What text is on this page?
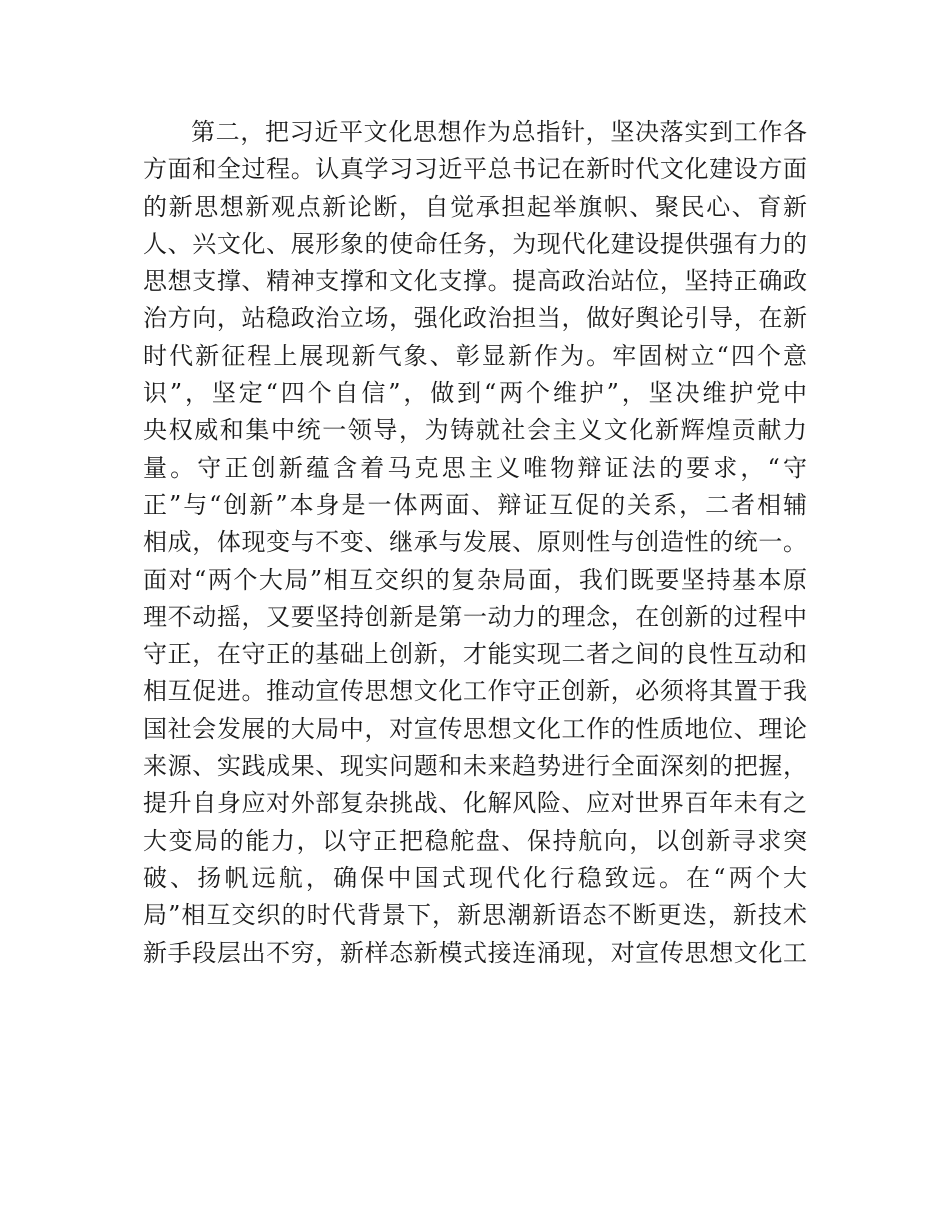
第二，把习近平文化思想作为总指针，坚决落实到工作各
方面和全过程。认真学习习近平总书记在新时代文化建设方面
的新思想新观点新论断，自觉承担起举旗帜、聚民心、育新
人、兴文化、展形象的使命任务，为现代化建设提供强有力的
思想支撑、精神支撑和文化支撑。提高政治站位，坚持正确政
治方向，站稳政治立场，强化政治担当，做好舆论引导，在新
时代新征程上展现新气象、彰显新作为。牢固树立“四个意
识”，坚定“四个自信”，做到“两个维护”，坚决维护党中
央权威和集中统一领导，为铸就社会主义文化新辉煌贡献力
量。守正创新蕴含着马克思主义唯物辩证法的要求，“守
正”与“创新”本身是一体两面、辩证互促的关系，二者相辅
相成，体现变与不变、继承与发展、原则性与创造性的统一。
面对“两个大局”相互交织的复杂局面，我们既要坚持基本原
理不动摇，又要坚持创新是第一动力的理念，在创新的过程中
守正，在守正的基础上创新，才能实现二者之间的良性互动和
相互促进。推动宣传思想文化工作守正创新，必须将其置于我
国社会发展的大局中，对宣传思想文化工作的性质地位、理论
来源、实践成果、现实问题和未来趋势进行全面深刻的把握，
提升自身应对外部复杂挑战、化解风险、应对世界百年未有之
大变局的能力，以守正把稳舵盘、保持航向，以创新寻求突
破、扬帆远航，确保中国式现代化行稳致远。在“两个大
局”相互交织的时代背景下，新思潮新语态不断更迭，新技术
新手段层出不穷，新样态新模式接连涌现，对宣传思想文化工
